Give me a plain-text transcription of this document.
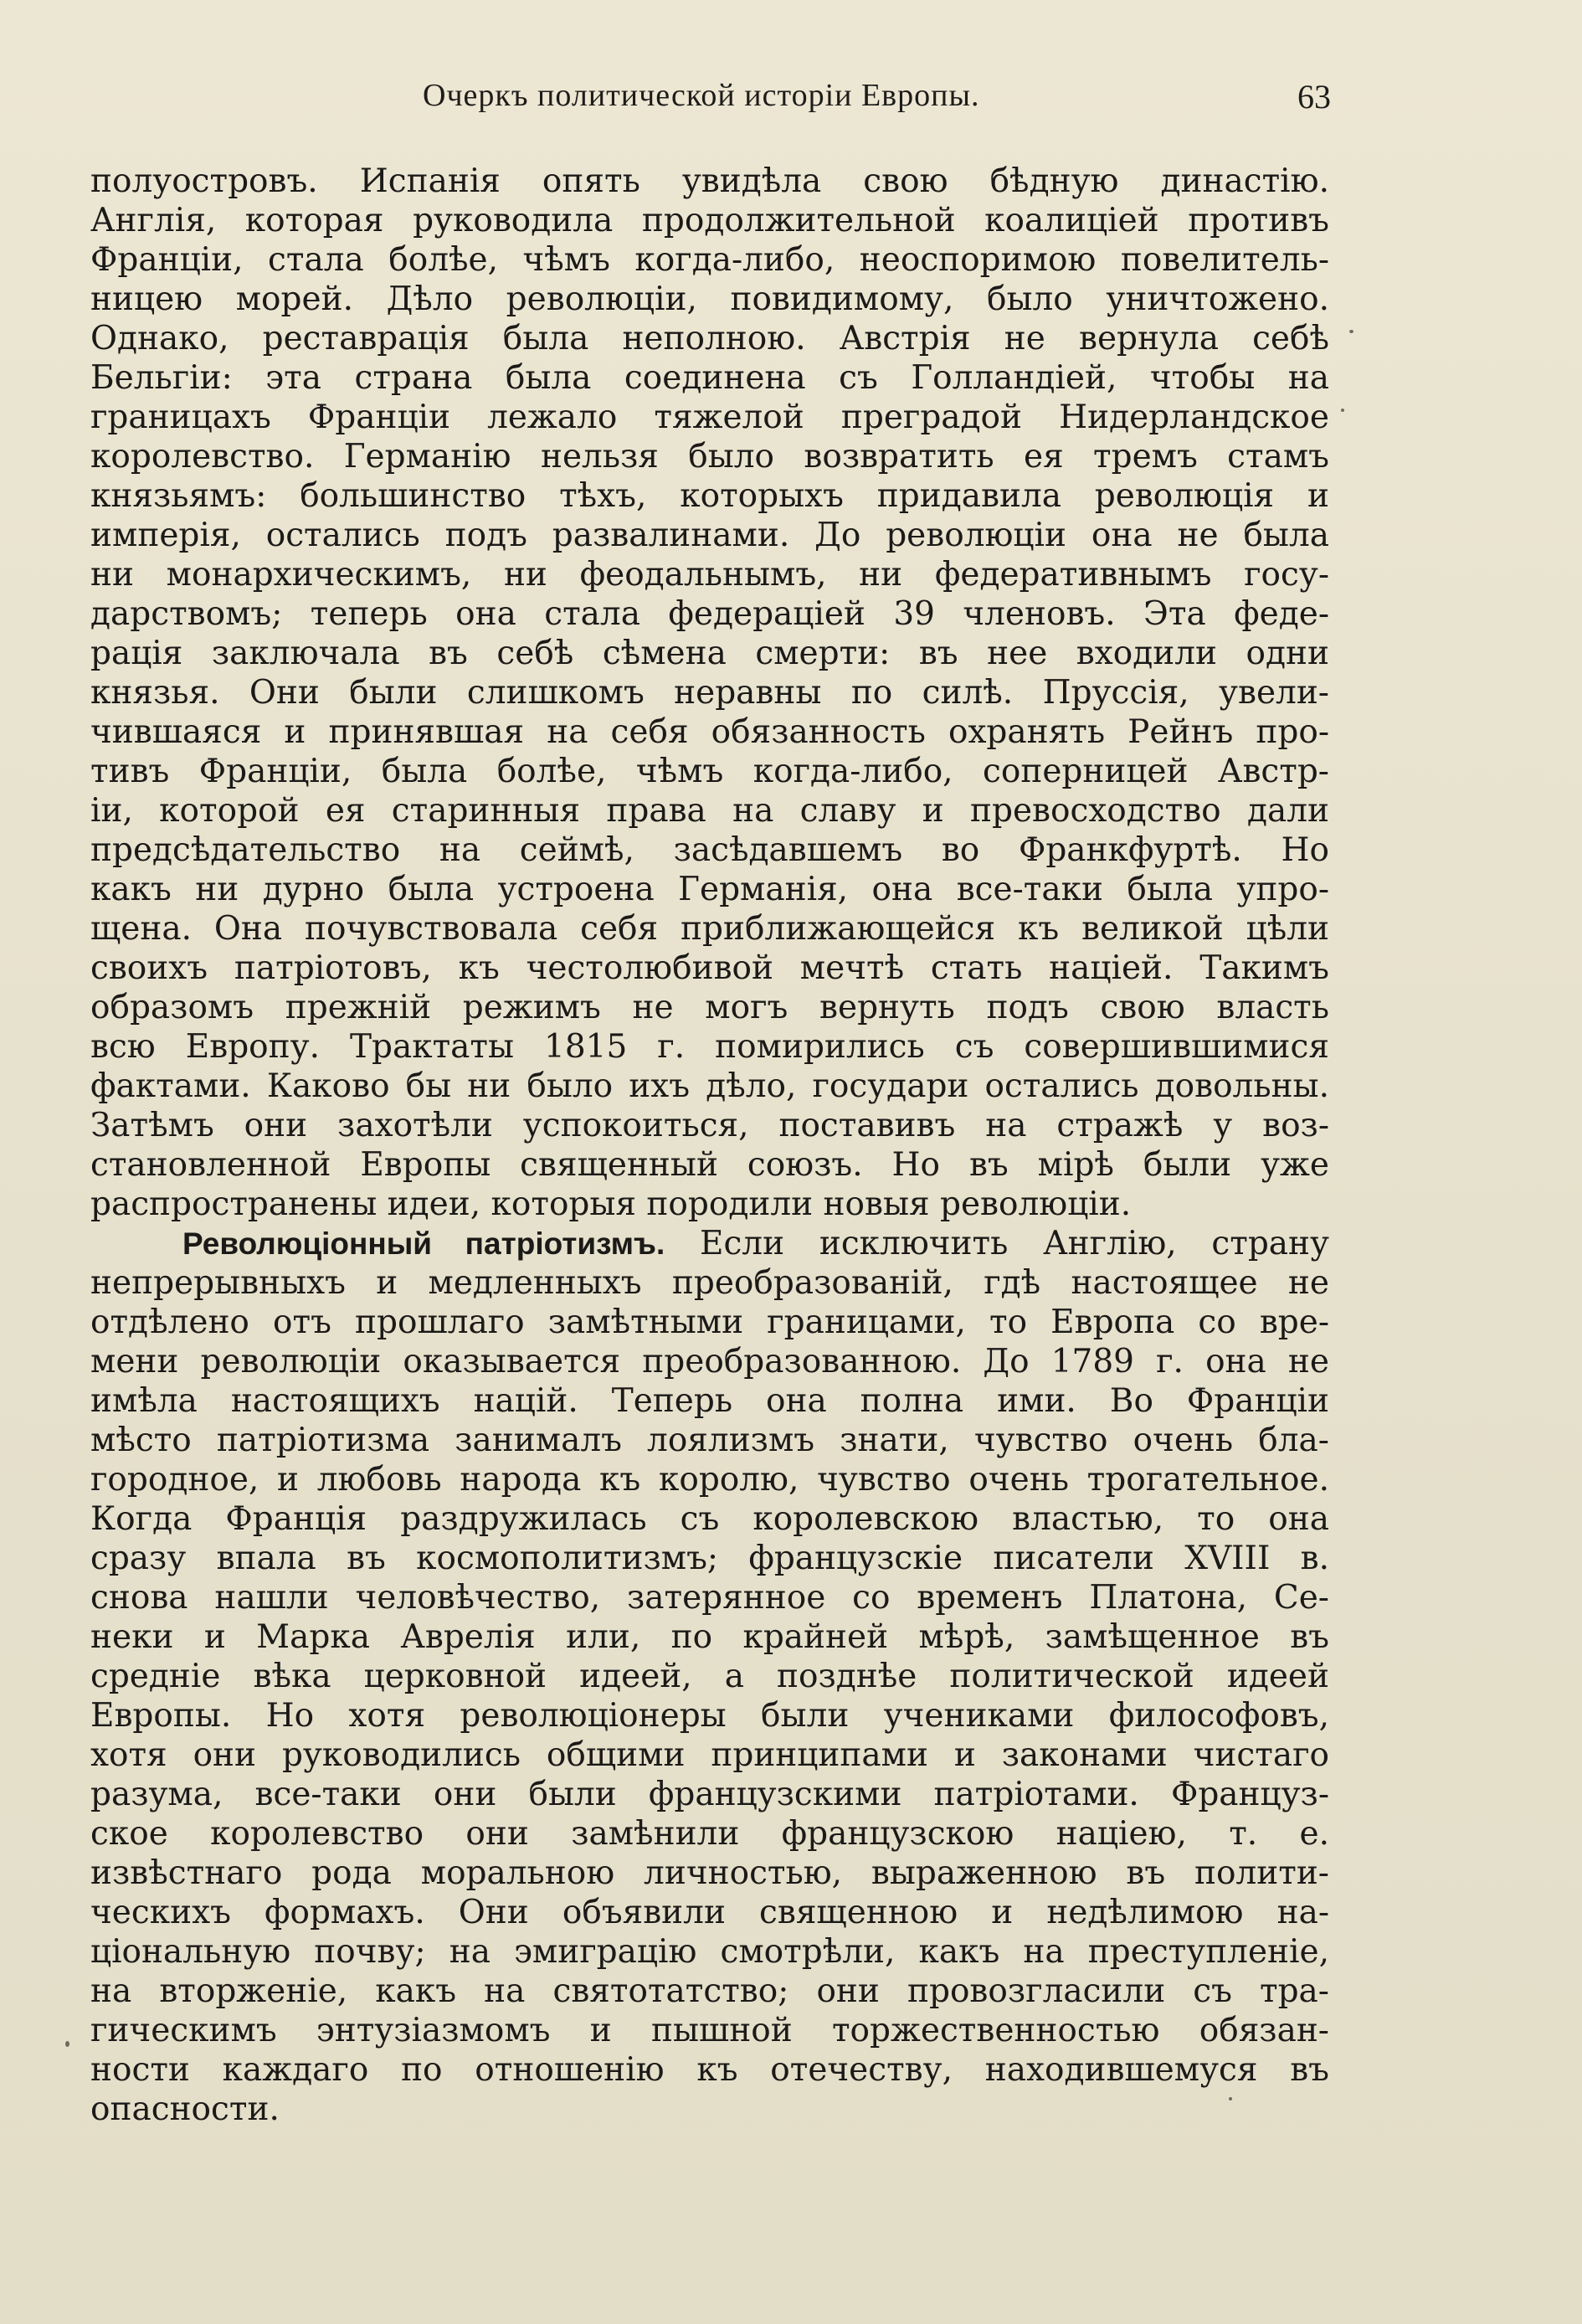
Очеркъ политической исторіи Европы.	63
полуостровъ. Испанія опять увидѣла свою бѣдную династію.
Англія, которая руководила продолжительной коалиціей противъ
Франціи, стала болѣе, чѣмъ когда-либо, неоспоримою повелитель-
ницею морей. Дѣло революціи, повидимому, было уничтожено.
Однако, реставрація была неполною. Австрія не вернула себѣ
Бельгіи: эта страна была соединена съ Голландіей, чтобы на
границахъ Франціи лежало тяжелой преградой Нидерландское
королевство. Германію нельзя было возвратить ея тремъ стамъ
князьямъ: большинство тѣхъ, которыхъ придавила революція и
имперія, остались подъ развалинами. До революціи она не была
ни монархическимъ, ни феодальнымъ, ни федеративнымъ госу-
дарствомъ; теперь она стала федераціей 39 членовъ. Эта феде-
рація заключала въ себѣ сѣмена смерти: въ нее входили одни
князья. Они были слишкомъ неравны по силѣ. Пруссія, увели-
чившаяся и принявшая на себя обязанность охранять Рейнъ про-
тивъ Франціи, была болѣе, чѣмъ когда-либо, соперницей Австр-
іи, которой ея старинныя права на славу и превосходство дали
предсѣдательство на сеймѣ, засѣдавшемъ во Франкфуртѣ. Но
какъ ни дурно была устроена Германія, она все-таки была упро-
щена. Она почувствовала себя приближающейся къ великой цѣли
своихъ патріотовъ, къ честолюбивой мечтѣ стать націей. Такимъ
образомъ прежній режимъ не могъ вернуть подъ свою власть
всю Европу. Трактаты 1815 г. помирились съ совершившимися
фактами. Каково бы ни было ихъ дѣло, государи остались довольны.
Затѣмъ они захотѣли успокоиться, поставивъ на стражѣ у воз-
становленной Европы священный союзъ. Но въ мірѣ были уже
распространены идеи, которыя породили новыя революціи.
Революціонный патріотизмъ. Если исключить Англію, страну
непрерывныхъ и медленныхъ преобразованій, гдѣ настоящее не
отдѣлено отъ прошлаго замѣтными границами, то Европа со вре-
мени революціи оказывается преобразованною. До 1789 г. она не
имѣла настоящихъ націй. Теперь она полна ими. Во Франціи
мѣсто патріотизма занималъ лоялизмъ знати, чувство очень бла-
городное, и любовь народа къ королю, чувство очень трогательное.
Когда Франція раздружилась съ королевскою властью, то она
сразу впала въ космополитизмъ; французскіе писатели XVIII в.
снова нашли человѣчество, затерянное со временъ Платона, Се-
неки и Марка Аврелія или, по крайней мѣрѣ, замѣщенное въ
средніе вѣка церковной идеей, а позднѣе политической идеей
Европы. Но хотя революціонеры были учениками философовъ,
хотя они руководились общими принципами и законами чистаго
разума, все-таки они были французскими патріотами. Француз-
ское королевство они замѣнили французскою націею, т. е.
извѣстнаго рода моральною личностью, выраженною въ полити-
ческихъ формахъ. Они объявили священною и недѣлимою на-
ціональную почву; на эмиграцію смотрѣли, какъ на преступленіе,
на вторженіе, какъ на святотатство; они провозгласили съ тра-
гическимъ энтузіазмомъ и пышной торжественностью обязан-
ности каждаго по отношенію къ отечеству, находившемуся въ
опасности.
